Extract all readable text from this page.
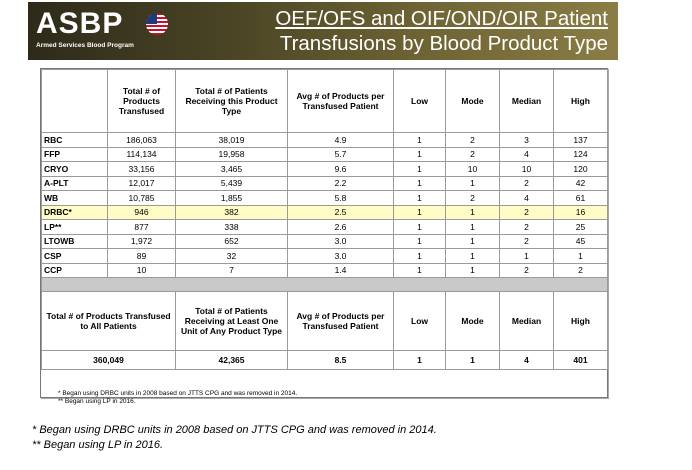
ASBP
Armed Services Blood Program
OEF/OFS and OIF/OND/OIR Patient
Transfusions by Blood Product Type
	Total # of Products Transfused	Total # of Patients Receiving this Product Type	Avg # of Products per Transfused Patient	Low	Mode	Median	High
RBC	186,063	38,019	4.9	1	2	3	137
FFP	114,134	19,958	5.7	1	2	4	124
CRYO	33,156	3,465	9.6	1	10	10	120
A-PLT	12,017	5,439	2.2	1	1	2	42
WB	10,785	1,855	5.8	1	2	4	61
DRBC*	946	382	2.5	1	1	2	16
LP**	877	338	2.6	1	1	2	25
LTOWB	1,972	652	3.0	1	1	2	45
CSP	89	32	3.0	1	1	1	1
CCP	10	7	1.4	1	1	2	2

Total # of Products Transfused to All Patients		Total # of Patients Receiving at Least One Unit of Any Product Type	Avg # of Products per Transfused Patient	Low	Mode	Median	High
360,049		42,365	8.5	1	1	4	401
* Began using DRBC units in 2008 based on JTTS CPG and was removed in 2014.
** Began using LP in 2016.
* Began using DRBC units in 2008 based on JTTS CPG and was removed in 2014.
** Began using LP in 2016.
